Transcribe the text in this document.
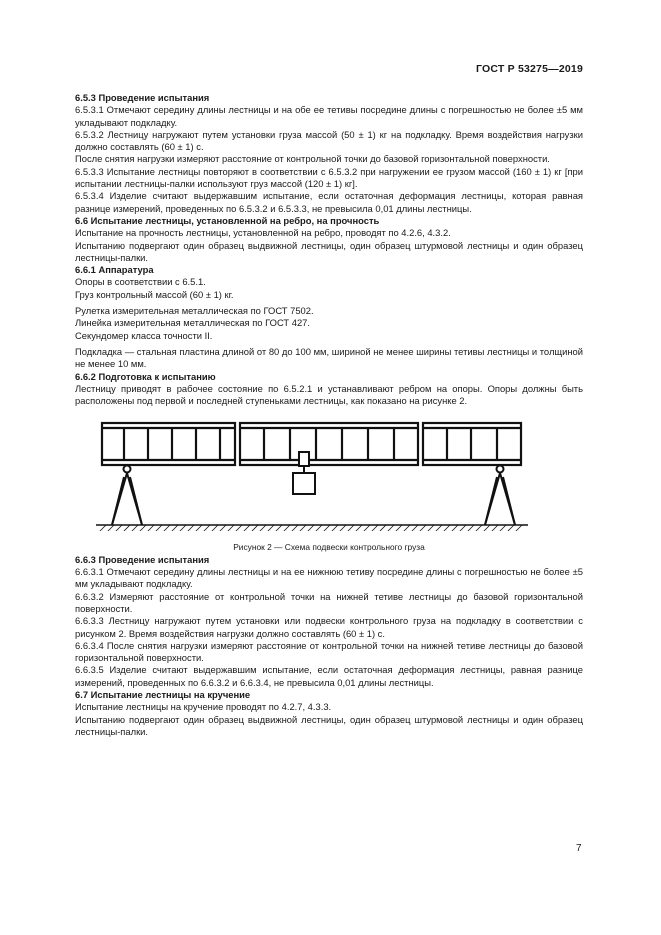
ГОСТ Р 53275—2019

6.5.3 Проведение испытания

6.5.3.1 Отмечают середину длины лестницы и на обе ее тетивы посредине длины с погрешностью не более ±5 мм укладывают подкладку.

6.5.3.2 Лестницу нагружают путем установки груза массой (50 ± 1) кг на подкладку. Время воздействия нагрузки должно составлять (60 ± 1) с.

После снятия нагрузки измеряют расстояние от контрольной точки до базовой горизонтальной поверхности.

6.5.3.3 Испытание лестницы повторяют в соответствии с 6.5.3.2 при нагружении ее грузом массой (160 ± 1) кг [при испытании лестницы-палки используют груз массой (120 ± 1) кг].

6.5.3.4 Изделие считают выдержавшим испытание, если остаточная деформация лестницы, которая равная разнице измерений, проведенных по 6.5.3.2 и 6.5.3.3, не превысила 0,01 длины лестницы.

6.6 Испытание лестницы, установленной на ребро, на прочность

Испытание на прочность лестницы, установленной на ребро, проводят по 4.2.6, 4.3.2.

Испытанию подвергают один образец выдвижной лестницы, один образец штурмовой лестницы и один образец лестницы-палки.

6.6.1 Аппаратура

Опоры в соответствии с 6.5.1.

Груз контрольный массой (60 ± 1) кг.

Рулетка измерительная металлическая по ГОСТ 7502.

Линейка измерительная металлическая по ГОСТ 427.

Секундомер класса точности II.

Подкладка — стальная пластина длиной от 80 до 100 мм, шириной не менее ширины тетивы лестницы и толщиной не менее 10 мм.

6.6.2 Подготовка к испытанию

Лестницу приводят в рабочее состояние по 6.5.2.1 и устанавливают ребром на опоры. Опоры должны быть расположены под первой и последней ступеньками лестницы, как показано на рисунке 2.

Рисунок 2 — Схема подвески контрольного груза

6.6.3 Проведение испытания

6.6.3.1 Отмечают середину длины лестницы и на ее нижнюю тетиву посредине длины с погрешностью не более ±5 мм укладывают подкладку.

6.6.3.2 Измеряют расстояние от контрольной точки на нижней тетиве лестницы до базовой горизонтальной поверхности.

6.6.3.3 Лестницу нагружают путем установки или подвески контрольного груза на подкладку в соответствии с рисунком 2. Время воздействия нагрузки должно составлять (60 ± 1) с.

6.6.3.4 После снятия нагрузки измеряют расстояние от контрольной точки на нижней тетиве лестницы до базовой горизонтальной поверхности.

6.6.3.5 Изделие считают выдержавшим испытание, если остаточная деформация лестницы, равная разнице измерений, проведенных по 6.6.3.2 и 6.6.3.4, не превысила 0,01 длины лестницы.

6.7 Испытание лестницы на кручение

Испытание лестницы на кручение проводят по 4.2.7, 4.3.3.

Испытанию подвергают один образец выдвижной лестницы, один образец штурмовой лестницы и один образец лестницы-палки.

7
